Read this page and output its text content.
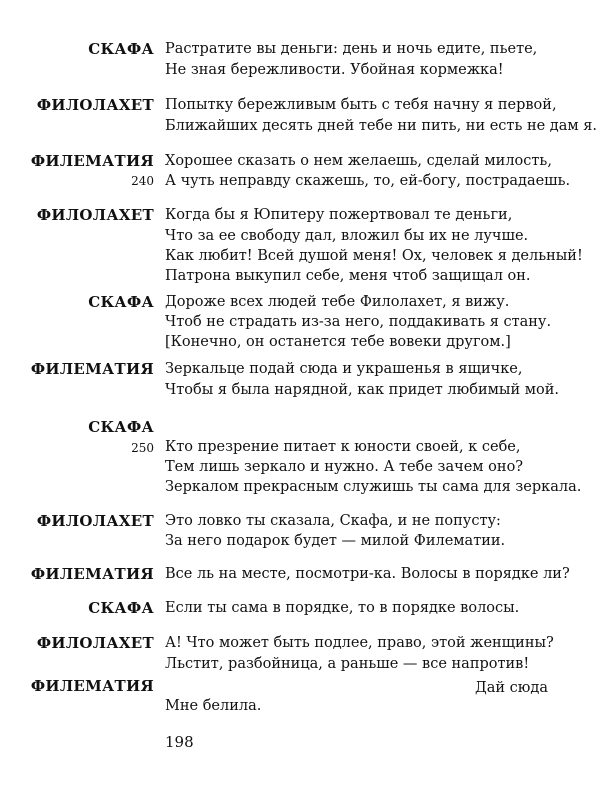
СКАФА Растратите вы деньги: день и ночь едите, пьете,
Не зная бережливости. Убойная кормежка!
ФИЛОЛАХЕТ Попытку бережливым быть с тебя начну я первой,
Ближайших десять дней тебе ни пить, ни есть не дам я.
ФИЛЕМАТИЯ Хорошее сказать о нем желаешь, сделай милость,
240 А чуть неправду скажешь, то, ей-богу, пострадаешь.
ФИЛОЛАХЕТ Когда бы я Юпитеру пожертвовал те деньги,
Что за ее свободу дал, вложил бы их не лучше.
Как любит! Всей душой меня! Ох, человек я дельный!
Патрона выкупил себе, меня чтоб защищал он.
СКАФА Дороже всех людей тебе Филолахет, я вижу.
Чтоб не страдать из-за него, поддакивать я стану.
[Конечно, он останется тебе вовеки другом.]
ФИЛЕМАТИЯ Зеркальце подай сюда и украшенья в ящичке,
Чтобы я была нарядной, как придет любимый мой.
СКАФА
250 Кто презрение питает к юности своей, к себе,
Тем лишь зеркало и нужно. А тебе зачем оно?
Зеркалом прекрасным служишь ты сама для зеркала.
ФИЛОЛАХЕТ Это ловко ты сказала, Скафа, и не попусту:
За него подарок будет — милой Филематии.
ФИЛЕМАТИЯ Все ль на месте, посмотри-ка. Волосы в порядке ли?
СКАФА Если ты сама в порядке, то в порядке волосы.
ФИЛОЛАХЕТ А! Что может быть подлее, право, этой женщины?
Льстит, разбойница, а раньше — все напротив!
ФИЛЕМАТИЯ	Дай сюда
Мне белила.
198
